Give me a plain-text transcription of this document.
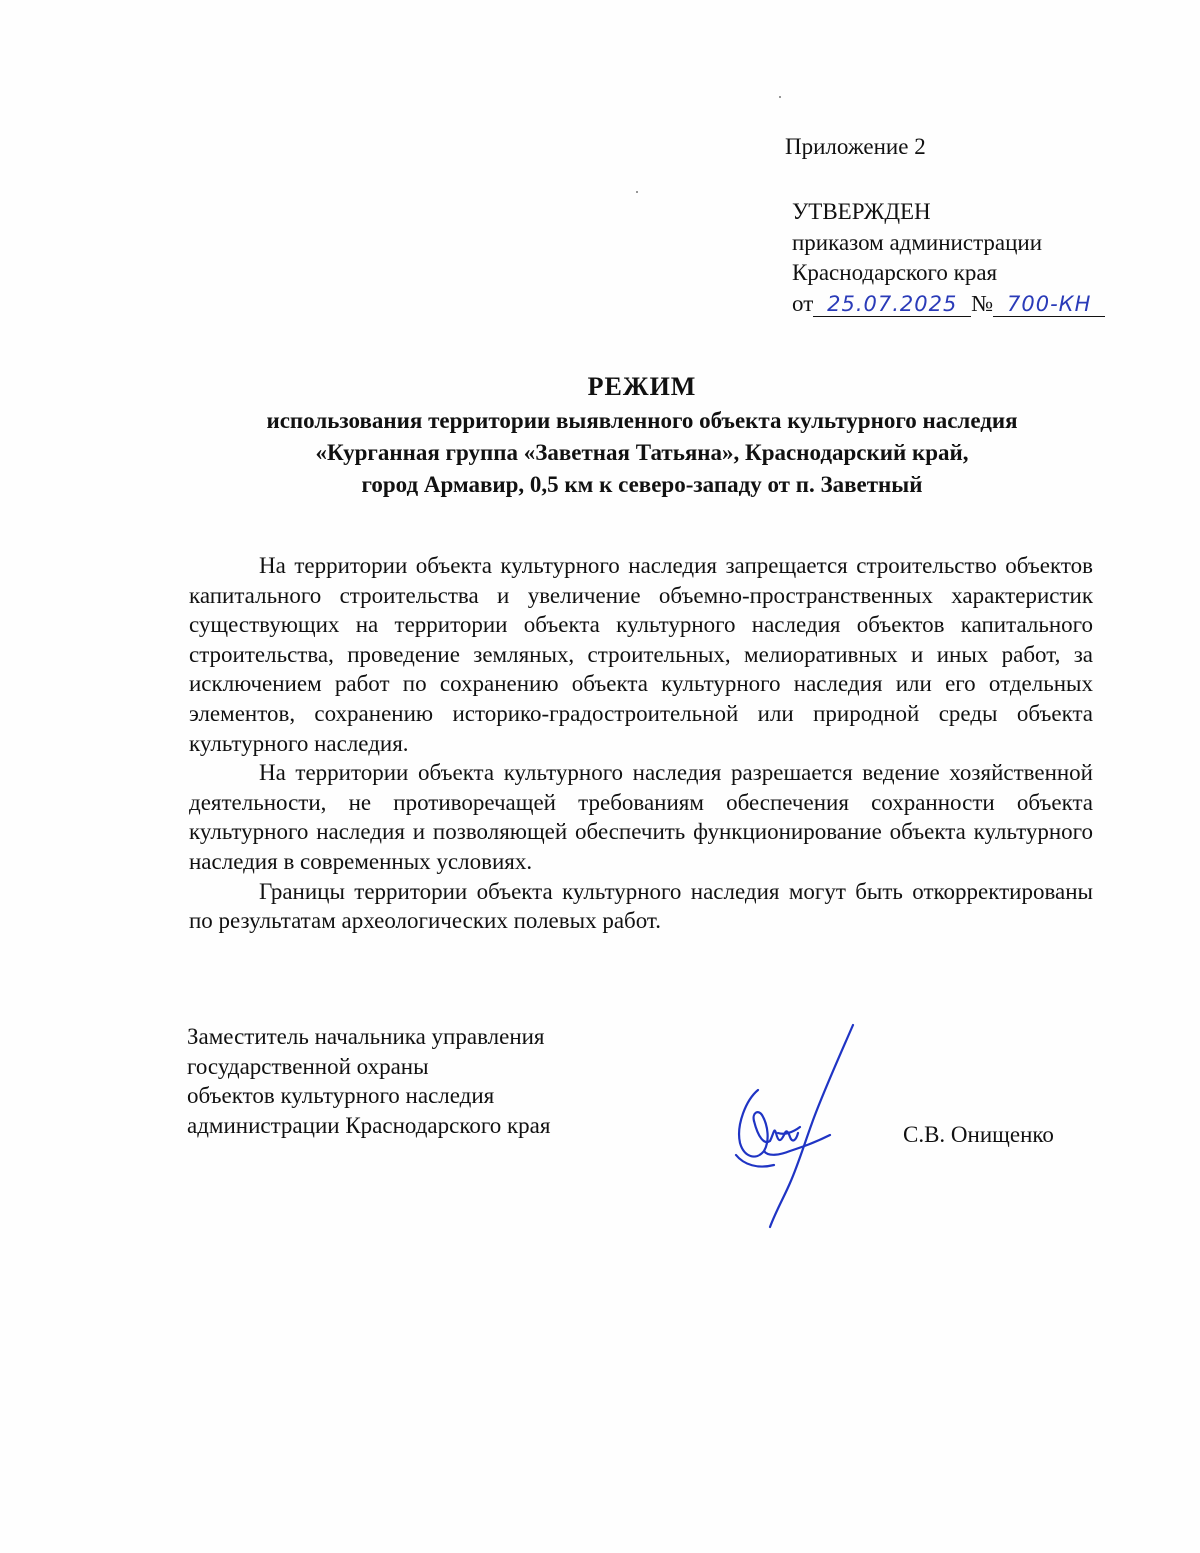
Приложение 2
УТВЕРЖДЕН
приказом администрации
Краснодарского края
от 25.07.2025 № 700-КН
РЕЖИМ
использования территории выявленного объекта культурного наследия
«Курганная группа «Заветная Татьяна», Краснодарский край,
город Армавир, 0,5 км к северо-западу от п. Заветный

На территории объекта культурного наследия запрещается строительство объектов капитального строительства и увеличение объемно-пространственных характеристик существующих на территории объекта культурного наследия объектов капитального строительства, проведение земляных, строительных, мелиоративных и иных работ, за исключением работ по сохранению объекта культурного наследия или его отдельных элементов, сохранению историко-градостроительной или природной среды объекта культурного наследия.

На территории объекта культурного наследия разрешается ведение хозяйственной деятельности, не противоречащей требованиям обеспечения сохранности объекта культурного наследия и позволяющей обеспечить функционирование объекта культурного наследия в современных условиях.

Границы территории объекта культурного наследия могут быть откорректированы по результатам археологических полевых работ.

Заместитель начальника управления
государственной охраны
объектов культурного наследия
администрации Краснодарского края	С.В. Онищенко
